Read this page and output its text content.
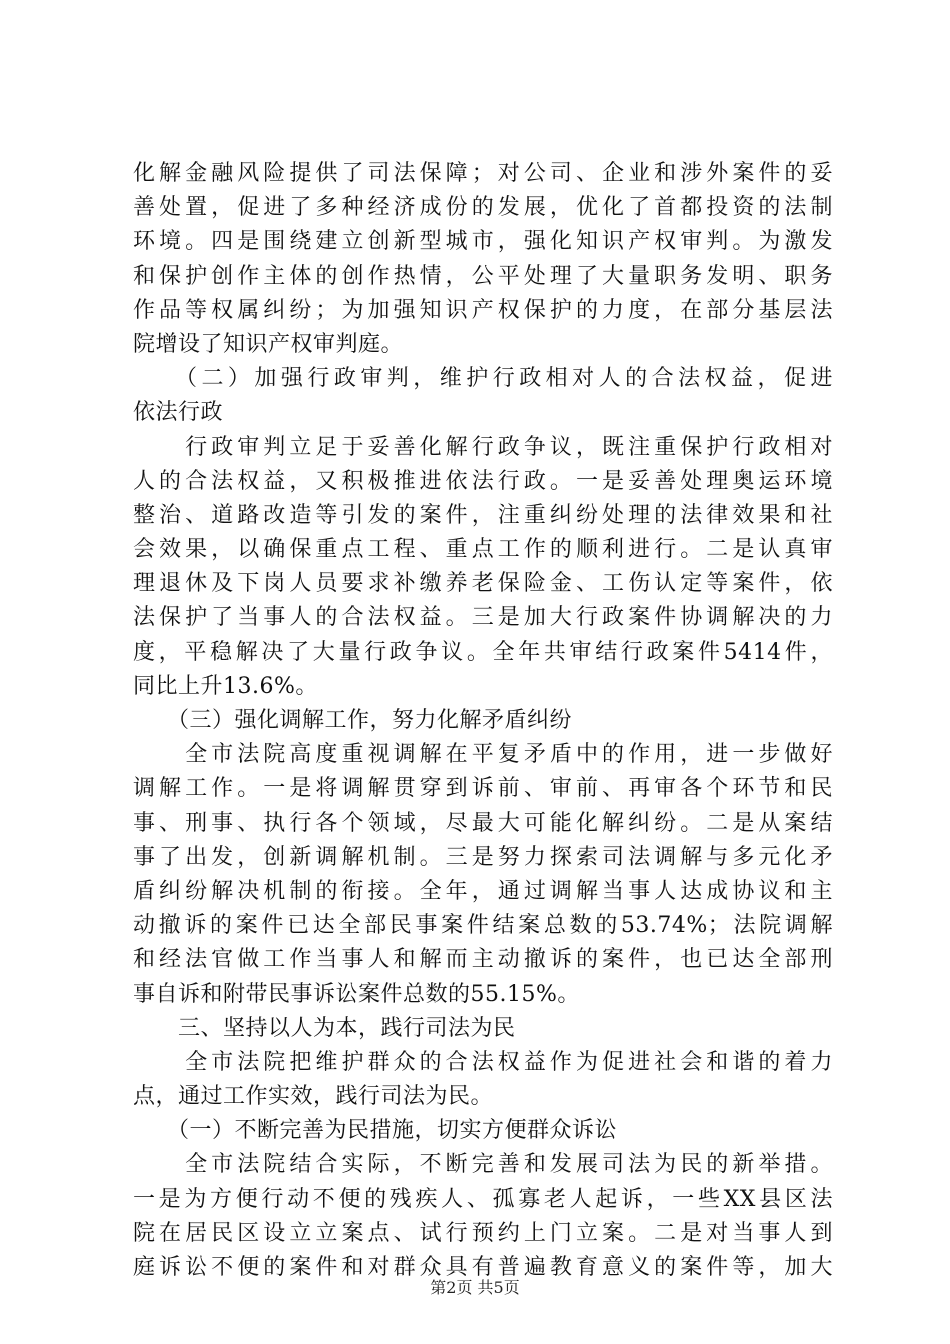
化解金融风险提供了司法保障；对公司、企业和涉外案件的妥
善处置，促进了多种经济成份的发展，优化了首都投资的法制
环境。四是围绕建立创新型城市，强化知识产权审判。为激发
和保护创作主体的创作热情，公平处理了大量职务发明、职务
作品等权属纠纷；为加强知识产权保护的力度，在部分基层法
院增设了知识产权审判庭。
　　（二）加强行政审判，维护行政相对人的合法权益，促进
依法行政
　　行政审判立足于妥善化解行政争议，既注重保护行政相对
人的合法权益，又积极推进依法行政。一是妥善处理奥运环境
整治、道路改造等引发的案件，注重纠纷处理的法律效果和社
会效果，以确保重点工程、重点工作的顺利进行。二是认真审
理退休及下岗人员要求补缴养老保险金、工伤认定等案件，依
法保护了当事人的合法权益。三是加大行政案件协调解决的力
度，平稳解决了大量行政争议。全年共审结行政案件5414件，
同比上升13.6%。
　　（三）强化调解工作，努力化解矛盾纠纷
　　全市法院高度重视调解在平复矛盾中的作用，进一步做好
调解工作。一是将调解贯穿到诉前、审前、再审各个环节和民
事、刑事、执行各个领域，尽最大可能化解纠纷。二是从案结
事了出发，创新调解机制。三是努力探索司法调解与多元化矛
盾纠纷解决机制的衔接。全年，通过调解当事人达成协议和主
动撤诉的案件已达全部民事案件结案总数的53.74%；法院调解
和经法官做工作当事人和解而主动撤诉的案件，也已达全部刑
事自诉和附带民事诉讼案件总数的55.15%。
　　三、坚持以人为本，践行司法为民
　　全市法院把维护群众的合法权益作为促进社会和谐的着力
点，通过工作实效，践行司法为民。
　　（一）不断完善为民措施，切实方便群众诉讼
　　全市法院结合实际，不断完善和发展司法为民的新举措。
一是为方便行动不便的残疾人、孤寡老人起诉，一些XX县区法
院在居民区设立立案点、试行预约上门立案。二是对当事人到
庭诉讼不便的案件和对群众具有普遍教育意义的案件等，加大
第2页 共5页
